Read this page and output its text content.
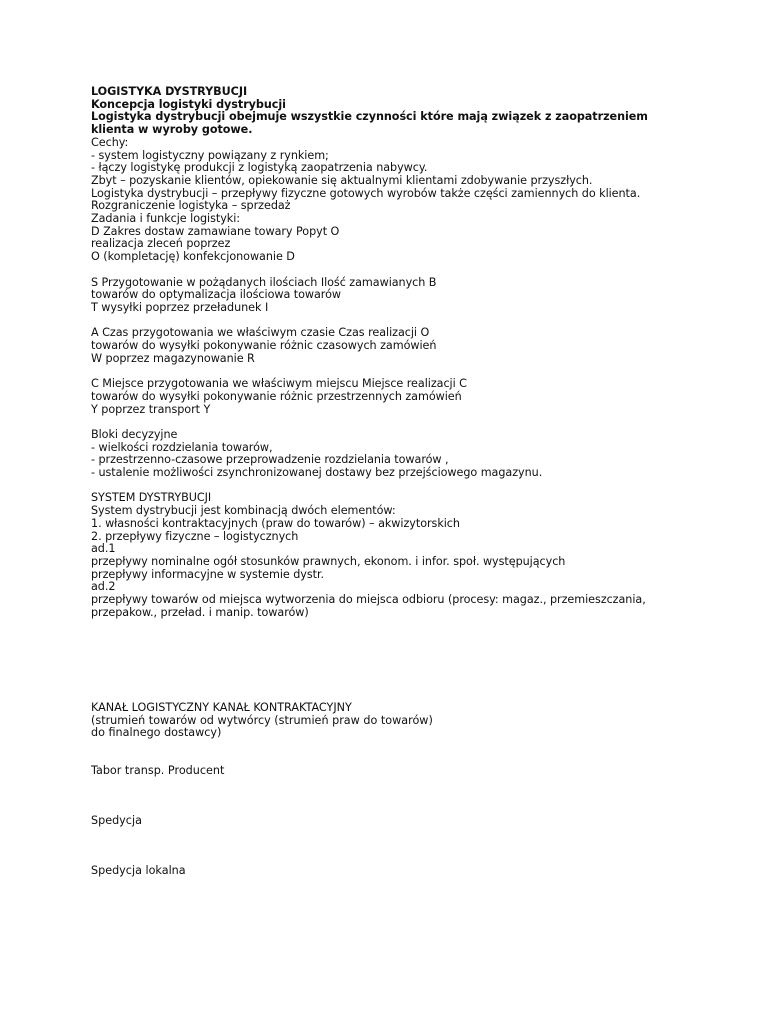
LOGISTYKA DYSTRYBUCJI
Koncepcja logistyki dystrybucji
Logistyka dystrybucji obejmuje wszystkie czynności które mają związek z zaopatrzeniem
klienta w wyroby gotowe.
Cechy:
- system logistyczny powiązany z rynkiem;
- łączy logistykę produkcji z logistyką zaopatrzenia nabywcy.
Zbyt – pozyskanie klientów, opiekowanie się aktualnymi klientami zdobywanie przyszłych.
Logistyka dystrybucji – przepływy fizyczne gotowych wyrobów także części zamiennych do klienta.
Rozgraniczenie logistyka – sprzedaż
Zadania i funkcje logistyki:
D Zakres dostaw zamawiane towary Popyt O
realizacja zleceń poprzez
O (kompletację) konfekcjonowanie D
S Przygotowanie w pożądanych ilościach Ilość zamawianych B
towarów do optymalizacja ilościowa towarów
T wysyłki poprzez przeładunek I
A Czas przygotowania we właściwym czasie Czas realizacji O
towarów do wysyłki pokonywanie różnic czasowych zamówień
W poprzez magazynowanie R
C Miejsce przygotowania we właściwym miejscu Miejsce realizacji C
towarów do wysyłki pokonywanie różnic przestrzennych zamówień
Y poprzez transport Y
Bloki decyzyjne
- wielkości rozdzielania towarów,
- przestrzenno-czasowe przeprowadzenie rozdzielania towarów ,
- ustalenie możliwości zsynchronizowanej dostawy bez przejściowego magazynu.
SYSTEM DYSTRYBUCJI
System dystrybucji jest kombinacją dwóch elementów:
1. własności kontraktacyjnych (praw do towarów) – akwizytorskich
2. przepływy fizyczne – logistycznych
ad.1
przepływy nominalne ogół stosunków prawnych, ekonom. i infor. społ. występujących
przepływy informacyjne w systemie dystr.
ad.2
przepływy towarów od miejsca wytworzenia do miejsca odbioru (procesy: magaz., przemieszczania,
przepakow., przeład. i manip. towarów)
KANAŁ LOGISTYCZNY KANAŁ KONTRAKTACYJNY
(strumień towarów od wytwórcy (strumień praw do towarów)
do finalnego dostawcy)
Tabor transp. Producent
Spedycja
Spedycja lokalna
